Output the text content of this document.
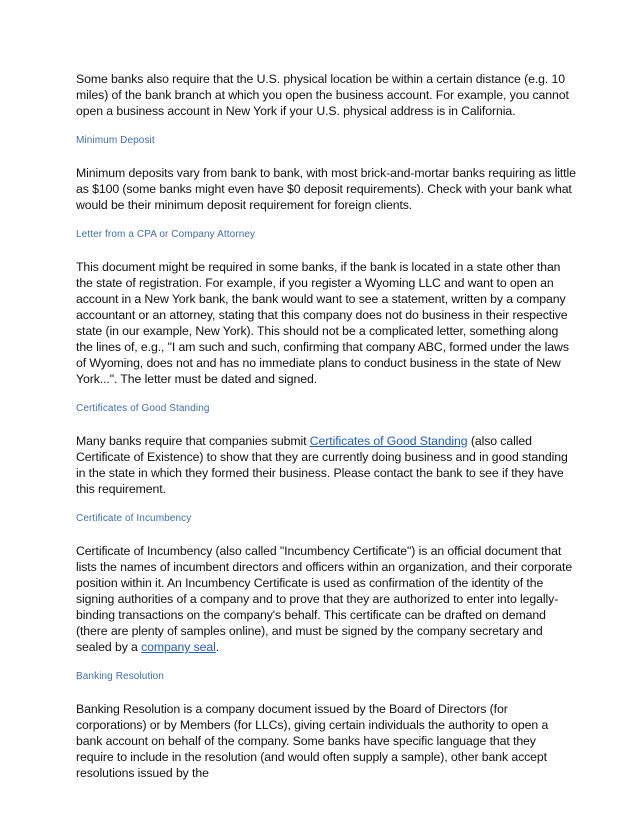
Some banks also require that the U.S. physical location be within a certain distance (e.g. 10 miles) of the bank branch at which you open the business account. For example, you cannot open a business account in New York if your U.S. physical address is in California.

Minimum Deposit

Minimum deposits vary from bank to bank, with most brick-and-mortar banks requiring as little as $100 (some banks might even have $0 deposit requirements). Check with your bank what would be their minimum deposit requirement for foreign clients.

Letter from a CPA or Company Attorney

This document might be required in some banks, if the bank is located in a state other than the state of registration. For example, if you register a Wyoming LLC and want to open an account in a New York bank, the bank would want to see a statement, written by a company accountant or an attorney, stating that this company does not do business in their respective state (in our example, New York). This should not be a complicated letter, something along the lines of, e.g., "I am such and such, confirming that company ABC, formed under the laws of Wyoming, does not and has no immediate plans to conduct business in the state of New York...". The letter must be dated and signed.

Certificates of Good Standing

Many banks require that companies submit Certificates of Good Standing (also called Certificate of Existence) to show that they are currently doing business and in good standing in the state in which they formed their business. Please contact the bank to see if they have this requirement.

Certificate of Incumbency

Certificate of Incumbency (also called "Incumbency Certificate") is an official document that lists the names of incumbent directors and officers within an organization, and their corporate position within it. An Incumbency Certificate is used as confirmation of the identity of the signing authorities of a company and to prove that they are authorized to enter into legally-binding transactions on the company's behalf. This certificate can be drafted on demand (there are plenty of samples online), and must be signed by the company secretary and sealed by a company seal.

Banking Resolution

Banking Resolution is a company document issued by the Board of Directors (for corporations) or by Members (for LLCs), giving certain individuals the authority to open a bank account on behalf of the company. Some banks have specific language that they require to include in the resolution (and would often supply a sample), other bank accept resolutions issued by the
